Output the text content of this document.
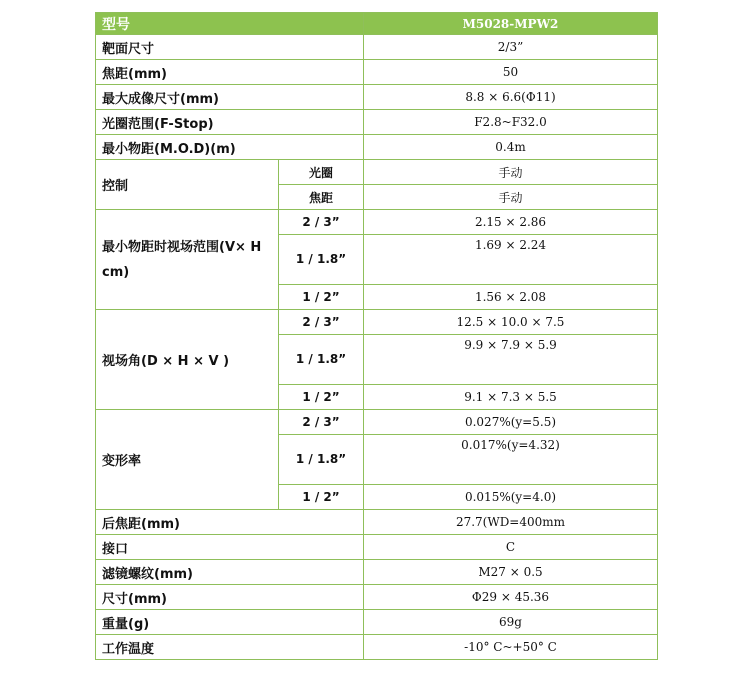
型号		M5028-MPW2
靶面尺寸		2/3”
焦距(mm)		50
最大成像尺寸(mm)		8.8 × 6.6(Φ11)
光圈范围(F-Stop)		F2.8~F32.0
最小物距(M.O.D)(m)		0.4m
控制	光圈	手动
	焦距	手动
最小物距时视场范围(V× H cm)	2 / 3”	2.15 × 2.86
	1 / 1.8”	1.69 × 2.24
	1 / 2”	1.56 × 2.08
视场角(D × H × V )	2 / 3”	12.5 × 10.0 × 7.5
	1 / 1.8”	9.9 × 7.9 × 5.9
	1 / 2”	9.1 × 7.3 × 5.5
变形率	2 / 3”	0.027%(y=5.5)
	1 / 1.8”	0.017%(y=4.32)
	1 / 2”	0.015%(y=4.0)
后焦距(mm)		27.7(WD=400mm
接口		C
滤镜螺纹(mm)		M27 × 0.5
尺寸(mm)		Φ29 × 45.36
重量(g)		69g
工作温度		-10° C~+50° C
